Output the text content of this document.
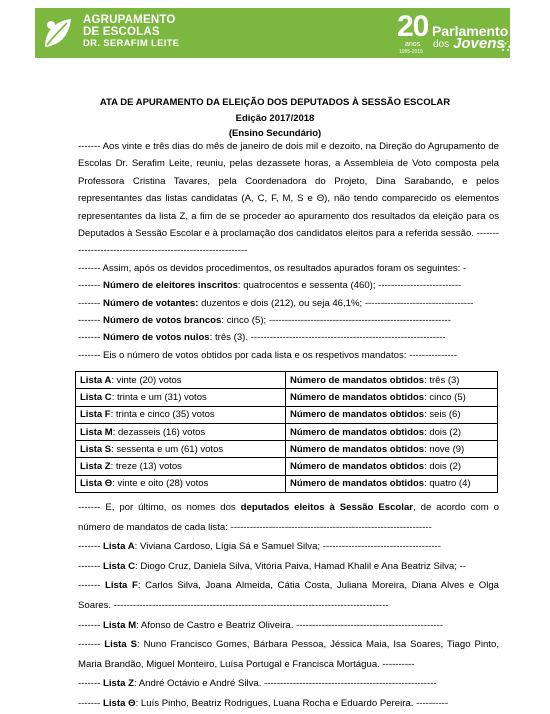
AGRUPAMENTO
DE ESCOLAS
DR. SERAFIM LEITE
20
anos
1995-2015
Parlamento
dos Jovens
ATA DE APURAMENTO DA ELEIÇÃO DOS DEPUTADOS À SESSÃO ESCOLAR
Edição 2017/2018
(Ensino Secundário)

------- Aos vinte e três dias do mês de janeiro de dois mil e dezoito, na Direção do Agrupamento de Escolas Dr. Serafim Leite, reuniu, pelas dezassete horas, a Assembleia de Voto composta pela Professora Cristina Tavares, pela Coordenadora do Projeto, Dina Sarabando, e pelos representantes das listas candidatas (A, C, F, M, S e Θ), não tendo comparecido os elementos representantes da lista Z, a fim de se proceder ao apuramento dos resultados da eleição para os Deputados à Sessão Escolar e à proclamação dos candidatos eleitos para a referida sessão. ------------------------------------------------------------

------- Assim, após os devidos procedimentos, os resultados apurados foram os seguintes: -

------- Número de eleitores inscritos: quatrocentos e sessenta (460); --------------------------

------- Número de votantes: duzentos e dois (212), ou seja 46,1%; ----------------------------------

------- Número de votos brancos: cinco (5); ---------------------------------------------------------

------- Número de votos nulos: três (3). -------------------------------------------------------------

------- Eis o número de votos obtidos por cada lista e os respetivos mandatos: ---------------

Lista A: vinte (20) votos	Número de mandatos obtidos: três (3)
Lista C: trinta e um (31) votos	Número de mandatos obtidos: cinco (5)
Lista F: trinta e cinco (35) votos	Número de mandatos obtidos: seis (6)
Lista M: dezasseis (16) votos	Número de mandatos obtidos: dois (2)
Lista S: sessenta e um (61) votos	Número de mandatos obtidos: nove (9)
Lista Z: treze (13) votos	Número de mandatos obtidos: dois (2)
Lista Θ: vinte e oito (28) votos	Número de mandatos obtidos: quatro (4)

------- E, por último, os nomes dos deputados eleitos à Sessão Escolar, de acordo com o número de mandatos de cada lista: ---------------------------------------------------------------

------- Lista A: Viviana Cardoso, Lígia Sá e Samuel Silva; -------------------------------------

------- Lista C: Diogo Cruz, Daniela Silva, Vitória Paiva, Hamad Khalil e Ana Beatriz Silva; --

------- Lista F: Carlos Silva, Joana Almeida, Cátia Costa, Juliana Moreira, Diana Alves e Olga Soares. --------------------------------------------------------------------------------------

------- Lista M: Afonso de Castro e Beatriz Oliveira. ----------------------------------------------

------- Lista S: Nuno Francisco Gomes, Bárbara Pessoa, Jéssica Maia, Isa Soares, Tiago Pinto, Maria Brandão, Miguel Monteiro, Luísa Portugal e Francisca Mortágua. ----------

------- Lista Z: André Octávio e André Silva. ------------------------------------------------------

------- Lista Θ: Luís Pinho, Beatriz Rodrigues, Luana Rocha e Eduardo Pereira. ----------
